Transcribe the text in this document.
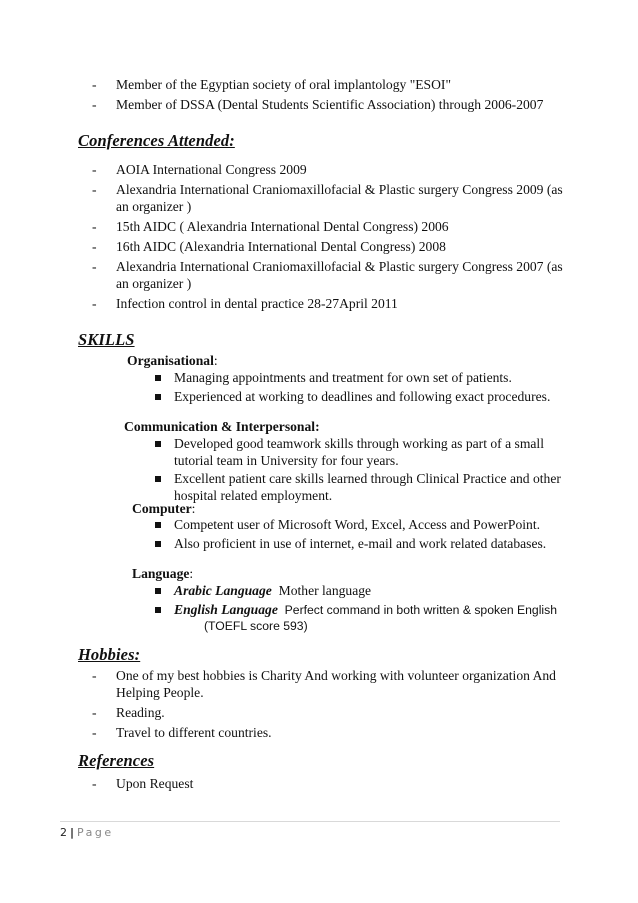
- Member of the Egyptian society of oral implantology "ESOI"
- Member of DSSA (Dental Students Scientific Association) through 2006-2007
Conferences Attended:
- AOIA International Congress 2009
- Alexandria International Craniomaxillofacial & Plastic surgery Congress 2009 (as an organizer )
- 15th AIDC ( Alexandria International Dental Congress) 2006
- 16th AIDC (Alexandria International Dental Congress) 2008
- Alexandria International Craniomaxillofacial & Plastic surgery Congress 2007 (as an organizer )
- Infection control in dental practice 28-27April 2011
SKILLS
Organisational:
Managing appointments and treatment for own set of patients.
Experienced at working to deadlines and following exact procedures.
Communication & Interpersonal:
Developed good teamwork skills through working as part of a small tutorial team in University for four years.
Excellent patient care skills learned through Clinical Practice and other hospital related employment.
Computer:
Competent user of Microsoft Word, Excel, Access and PowerPoint.
Also proficient in use of internet, e-mail and work related databases.
Language:
Arabic Language Mother language
English Language Perfect command in both written & spoken English
(TOEFL score 593)
Hobbies:
- One of my best hobbies is Charity And working with volunteer organization And Helping People.
- Reading.
- Travel to different countries.
References
- Upon Request
2 | Page
